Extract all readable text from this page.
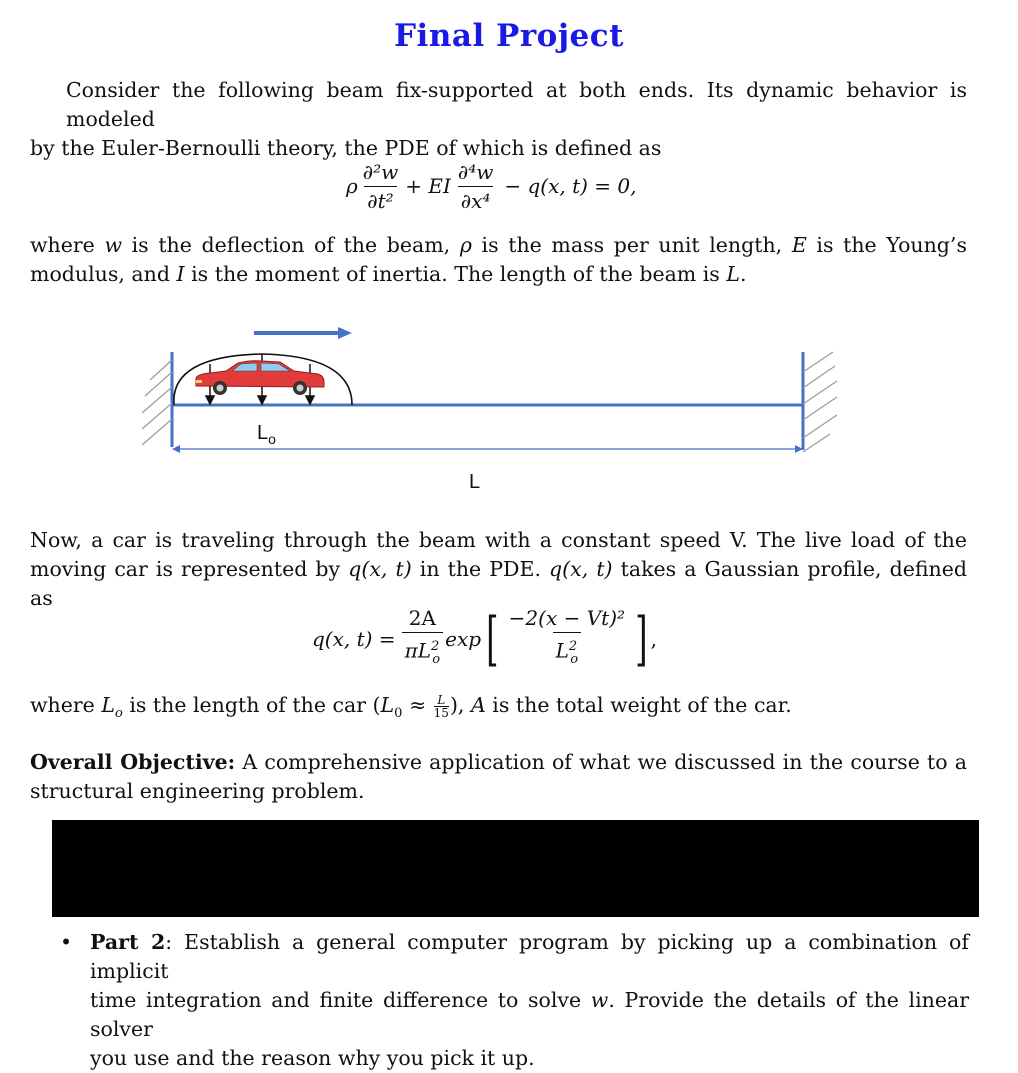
Final Project
Consider the following beam fix-supported at both ends. Its dynamic behavior is modeled
by the Euler-Bernoulli theory, the PDE of which is defined as
ρ $\frac{\text{∂²w}}{\text{∂t²}}$ + EI $\frac{\text{∂⁴w}}{\text{∂x⁴}} - q(x$, t) = 0,
where w is the deflection of the beam, ρ is the mass per unit length, E is the Young’s
modulus, and I is the moment of inertia. The length of the beam is L.
$L_o$
L
Now, a car is traveling through the beam with a constant speed V. The live load of the
moving car is represented by q(x, t) in the PDE. q(x, t) takes a Gaussian profile, defined as
q(x, $t) = \frac{2A}{\pi L^2_o}$ exp [ $\frac{\text{−2(x − Vt)²}}{L^2_o}$ ] ,
where $L_o$ is the length of the car ($L_0 \approx \frac{L}{15}$ ), A is the total weight of the car.
Overall Objective: A comprehensive application of what we discussed in the course to a
structural engineering problem.
• Part 2: Establish a general computer program by picking up a combination of implicit
time integration and finite difference to solve w. Provide the details of the linear solver
you use and the reason why you pick it up.
